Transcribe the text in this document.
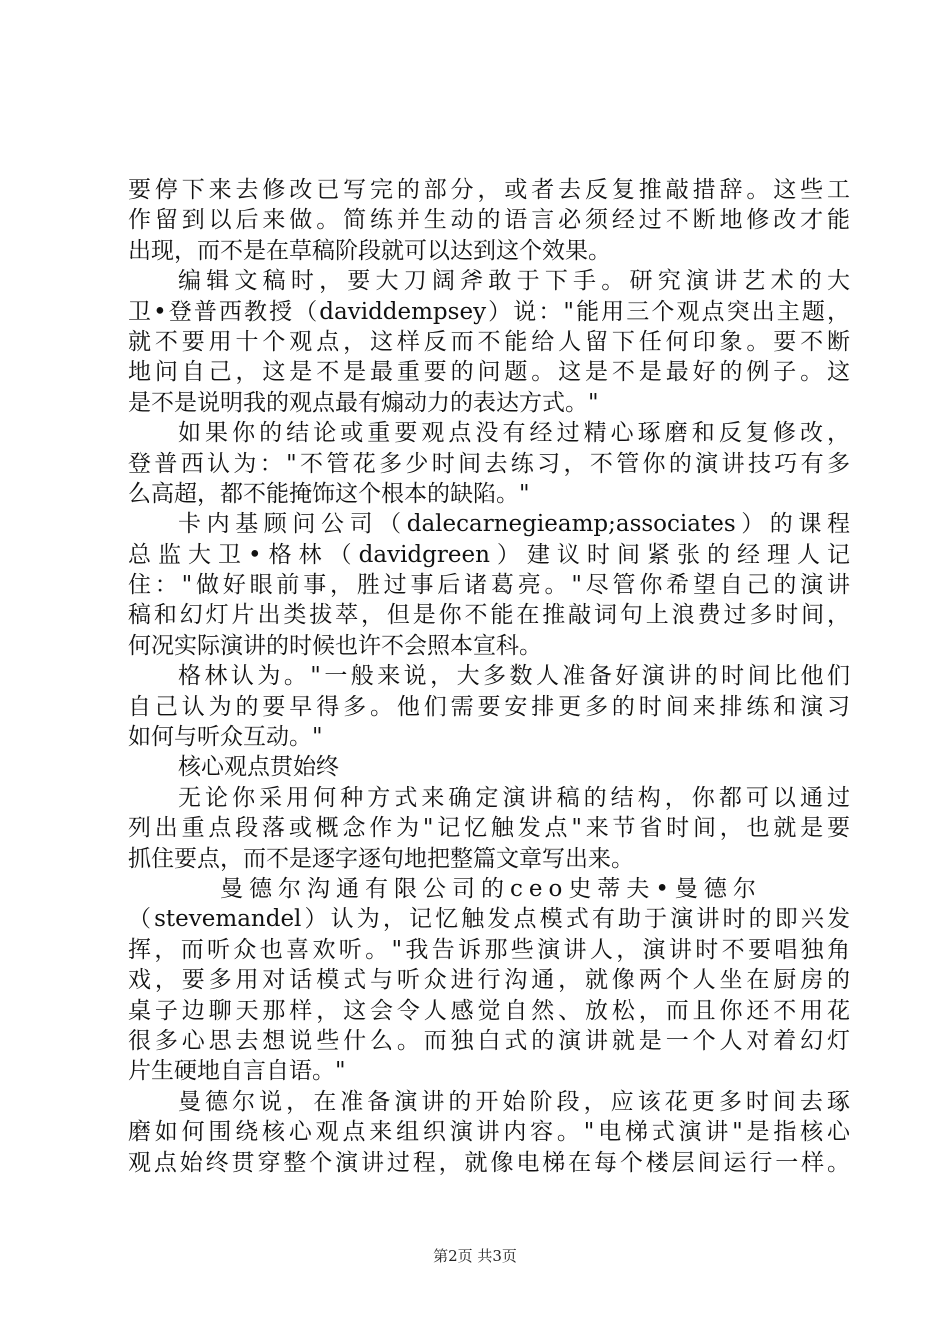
要停下来去修改已写完的部分，或者去反复推敲措辞。这些工
作留到以后来做。简练并生动的语言必须经过不断地修改才能
出现，而不是在草稿阶段就可以达到这个效果。
编辑文稿时，要大刀阔斧敢于下手。研究演讲艺术的大
卫•登普西教授（daviddempsey）说："能用三个观点突出主题，
就不要用十个观点，这样反而不能给人留下任何印象。要不断
地问自己，这是不是最重要的问题。这是不是最好的例子。这
是不是说明我的观点最有煽动力的表达方式。"
如果你的结论或重要观点没有经过精心琢磨和反复修改，
登普西认为："不管花多少时间去练习，不管你的演讲技巧有多
么高超，都不能掩饰这个根本的缺陷。"
卡内基顾问公司（dalecarnegieamp;associates）的课程
总监大卫•格林（davidgreen）建议时间紧张的经理人记
住："做好眼前事，胜过事后诸葛亮。"尽管你希望自己的演讲
稿和幻灯片出类拔萃，但是你不能在推敲词句上浪费过多时间，
何况实际演讲的时候也许不会照本宣科。
格林认为。"一般来说，大多数人准备好演讲的时间比他们
自己认为的要早得多。他们需要安排更多的时间来排练和演习
如何与听众互动。"
核心观点贯始终
无论你采用何种方式来确定演讲稿的结构，你都可以通过
列出重点段落或概念作为"记忆触发点"来节省时间，也就是要
抓住要点，而不是逐字逐句地把整篇文章写出来。
曼德尔沟通有限公司的ceo史蒂夫•曼德尔
（stevemandel）认为，记忆触发点模式有助于演讲时的即兴发
挥，而听众也喜欢听。"我告诉那些演讲人，演讲时不要唱独角
戏，要多用对话模式与听众进行沟通，就像两个人坐在厨房的
桌子边聊天那样，这会令人感觉自然、放松，而且你还不用花
很多心思去想说些什么。而独白式的演讲就是一个人对着幻灯
片生硬地自言自语。"
曼德尔说，在准备演讲的开始阶段，应该花更多时间去琢
磨如何围绕核心观点来组织演讲内容。"电梯式演讲"是指核心
观点始终贯穿整个演讲过程，就像电梯在每个楼层间运行一样。
第2页 共3页
